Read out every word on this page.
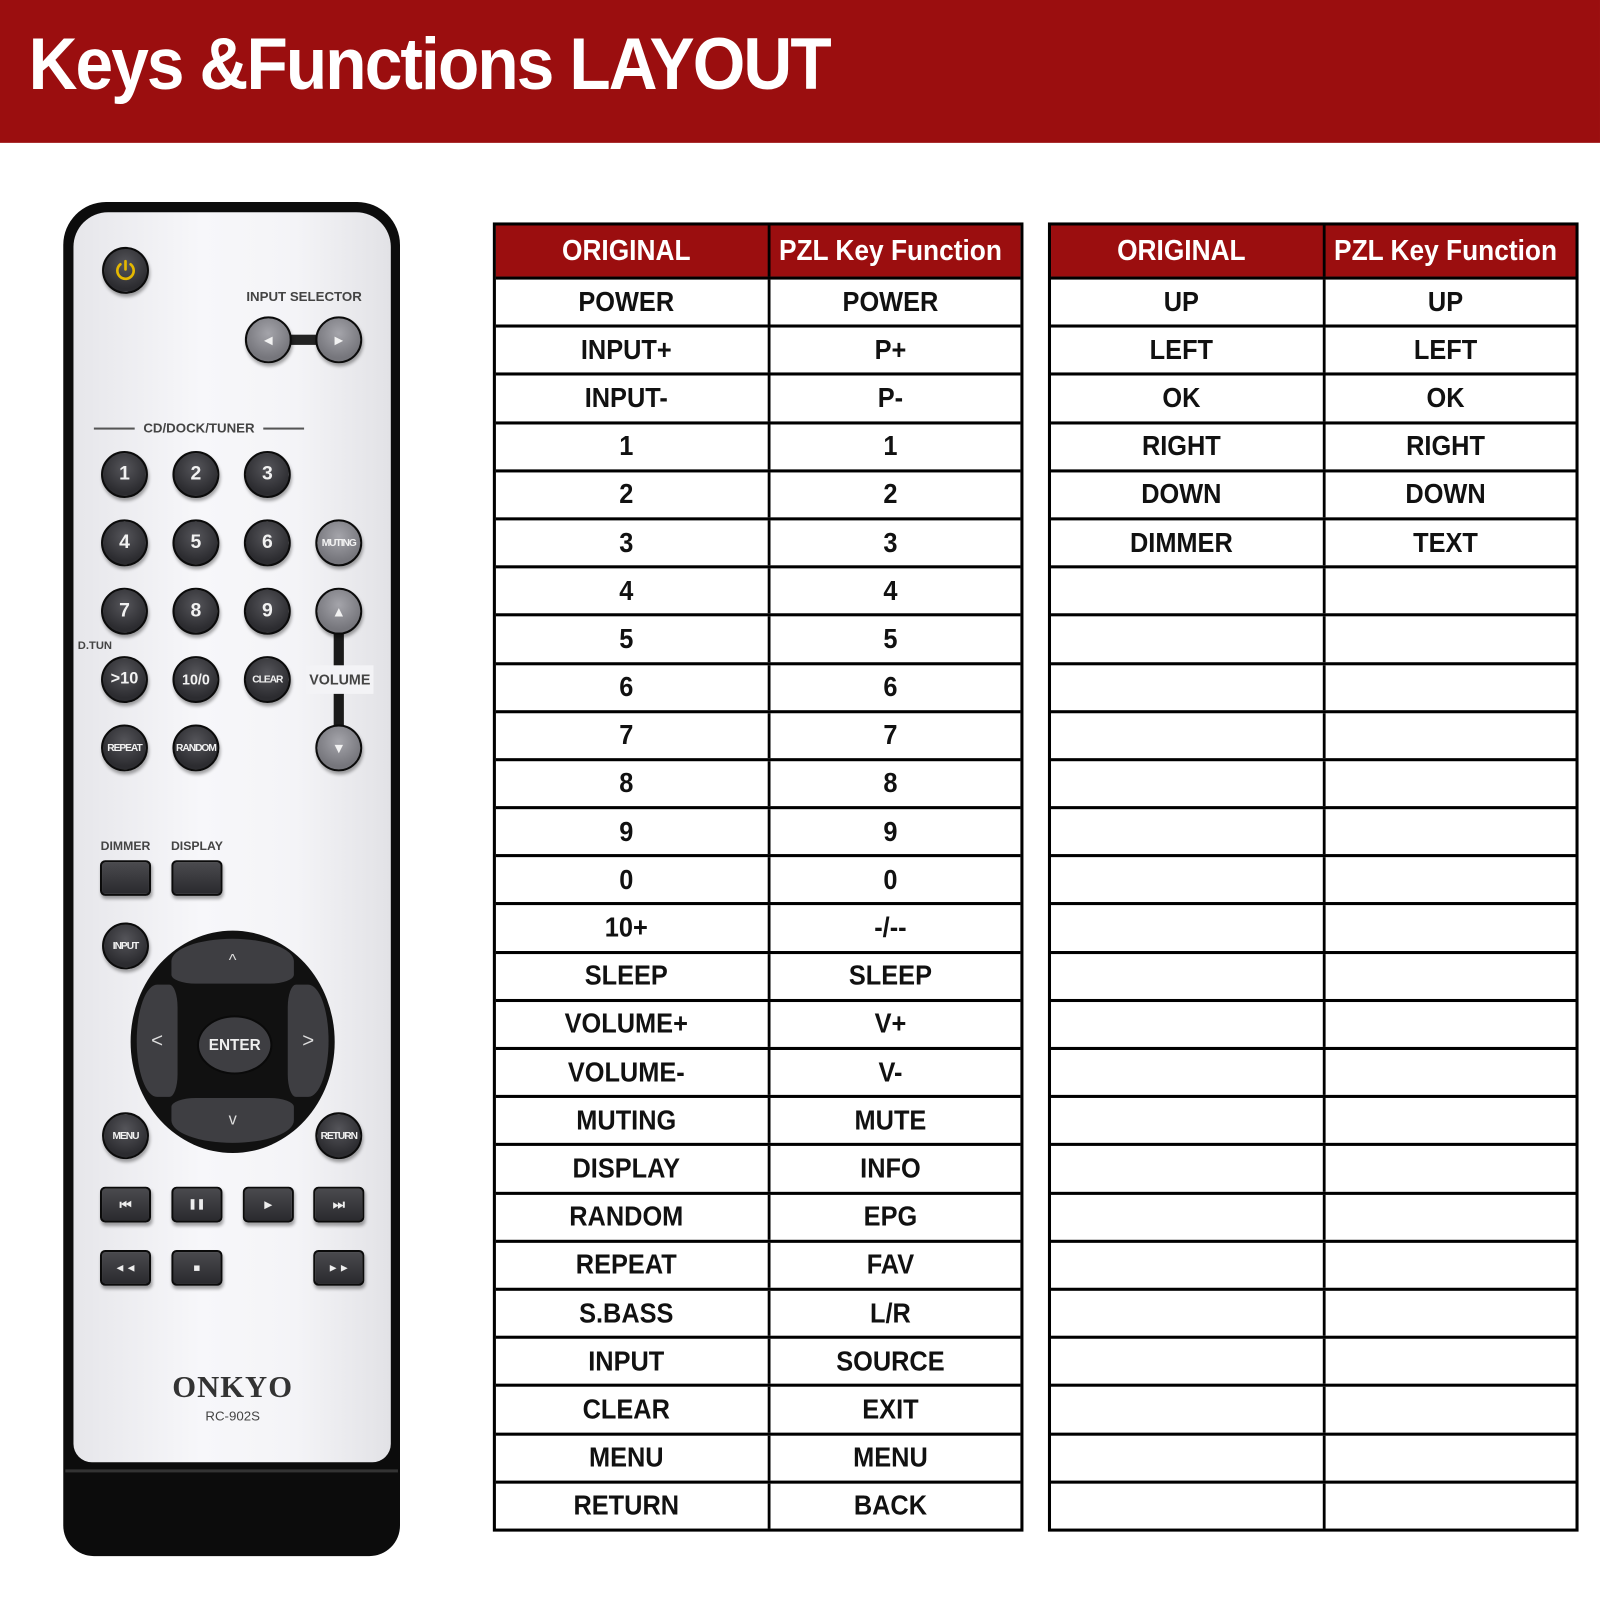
Keys &Functions LAYOUT
INPUT SELECTOR
◄	►
CD/DOCK/TUNER
1	2	3
4	5	6	MUTING
7	8	9	▲
D.TUN
>10	10/0	CLEAR	VOLUME
REPEAT	RANDOM	▼
DIMMER DISPLAY
INPUT
^
v
<	>
ENTER
MENU	RETURN
⏮	❚❚	►	⏭
◄◄	■	►►
ONKYO
RC-902S
ORIGINAL	PZL Key Function
POWER	POWER
INPUT+	P+
INPUT-	P-
1	1
2	2
3	3
4	4
5	5
6	6
7	7
8	8
9	9
0	0
10+	-/--
SLEEP	SLEEP
VOLUME+	V+
VOLUME-	V-
MUTING	MUTE
DISPLAY	INFO
RANDOM	EPG
REPEAT	FAV
S.BASS	L/R
INPUT	SOURCE
CLEAR	EXIT
MENU	MENU
RETURN	BACK
ORIGINAL	PZL Key Function
UP	UP
LEFT	LEFT
OK	OK
RIGHT	RIGHT
DOWN	DOWN
DIMMER	TEXT
